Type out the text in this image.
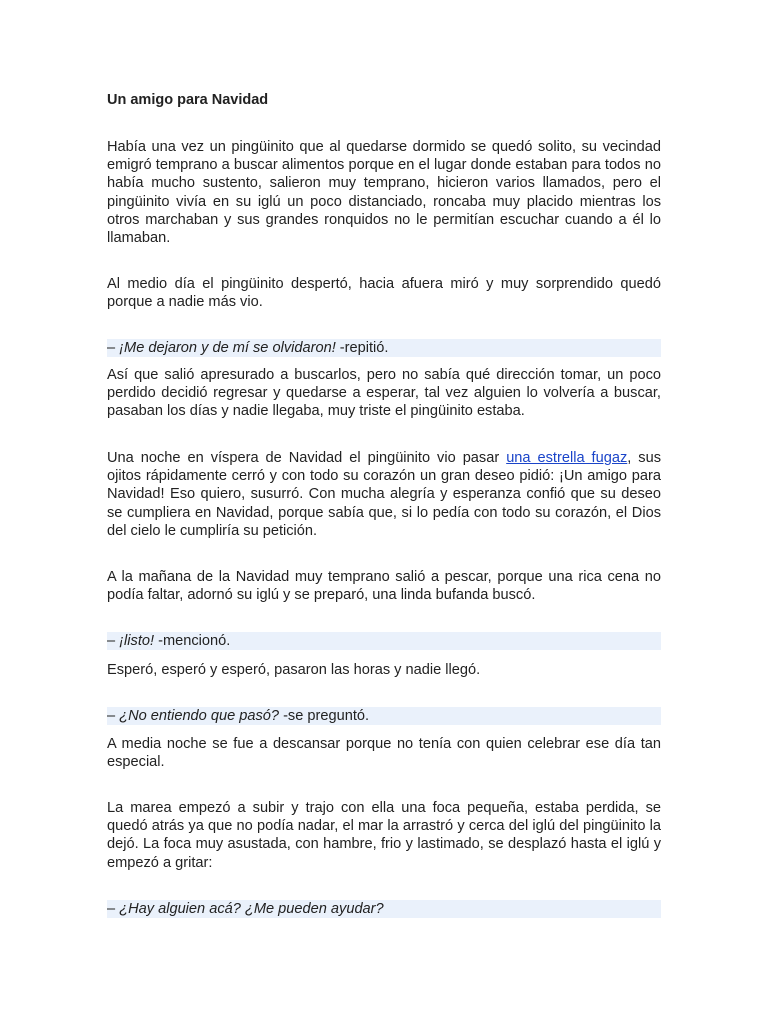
Un amigo para Navidad

Había una vez un pingüinito que al quedarse dormido se quedó solito, su vecindad emigró temprano a buscar alimentos porque en el lugar donde estaban para todos no había mucho sustento, salieron muy temprano, hicieron varios llamados, pero el pingüinito vivía en su iglú un poco distanciado, roncaba muy placido mientras los otros marchaban y sus grandes ronquidos no le permitían escuchar cuando a él lo llamaban.

Al medio día el pingüinito despertó, hacia afuera miró y muy sorprendido quedó porque a nadie más vio.

– ¡Me dejaron y de mí se olvidaron! -repitió.

Así que salió apresurado a buscarlos, pero no sabía qué dirección tomar, un poco perdido decidió regresar y quedarse a esperar, tal vez alguien lo volvería a buscar, pasaban los días y nadie llegaba, muy triste el pingüinito estaba.

Una noche en víspera de Navidad el pingüinito vio pasar una estrella fugaz, sus ojitos rápidamente cerró y con todo su corazón un gran deseo pidió: ¡Un amigo para Navidad! Eso quiero, susurró. Con mucha alegría y esperanza confió que su deseo se cumpliera en Navidad, porque sabía que, si lo pedía con todo su corazón, el Dios del cielo le cumpliría su petición.

A la mañana de la Navidad muy temprano salió a pescar, porque una rica cena no podía faltar, adornó su iglú y se preparó, una linda bufanda buscó.

– ¡listo! -mencionó.

Esperó, esperó y esperó, pasaron las horas y nadie llegó.

– ¿No entiendo que pasó? -se preguntó.

A media noche se fue a descansar porque no tenía con quien celebrar ese día tan especial.

La marea empezó a subir y trajo con ella una foca pequeña, estaba perdida, se quedó atrás ya que no podía nadar, el mar la arrastró y cerca del iglú del pingüinito la dejó. La foca muy asustada, con hambre, frio y lastimado, se desplazó hasta el iglú y empezó a gritar:

– ¿Hay alguien acá? ¿Me pueden ayudar?
